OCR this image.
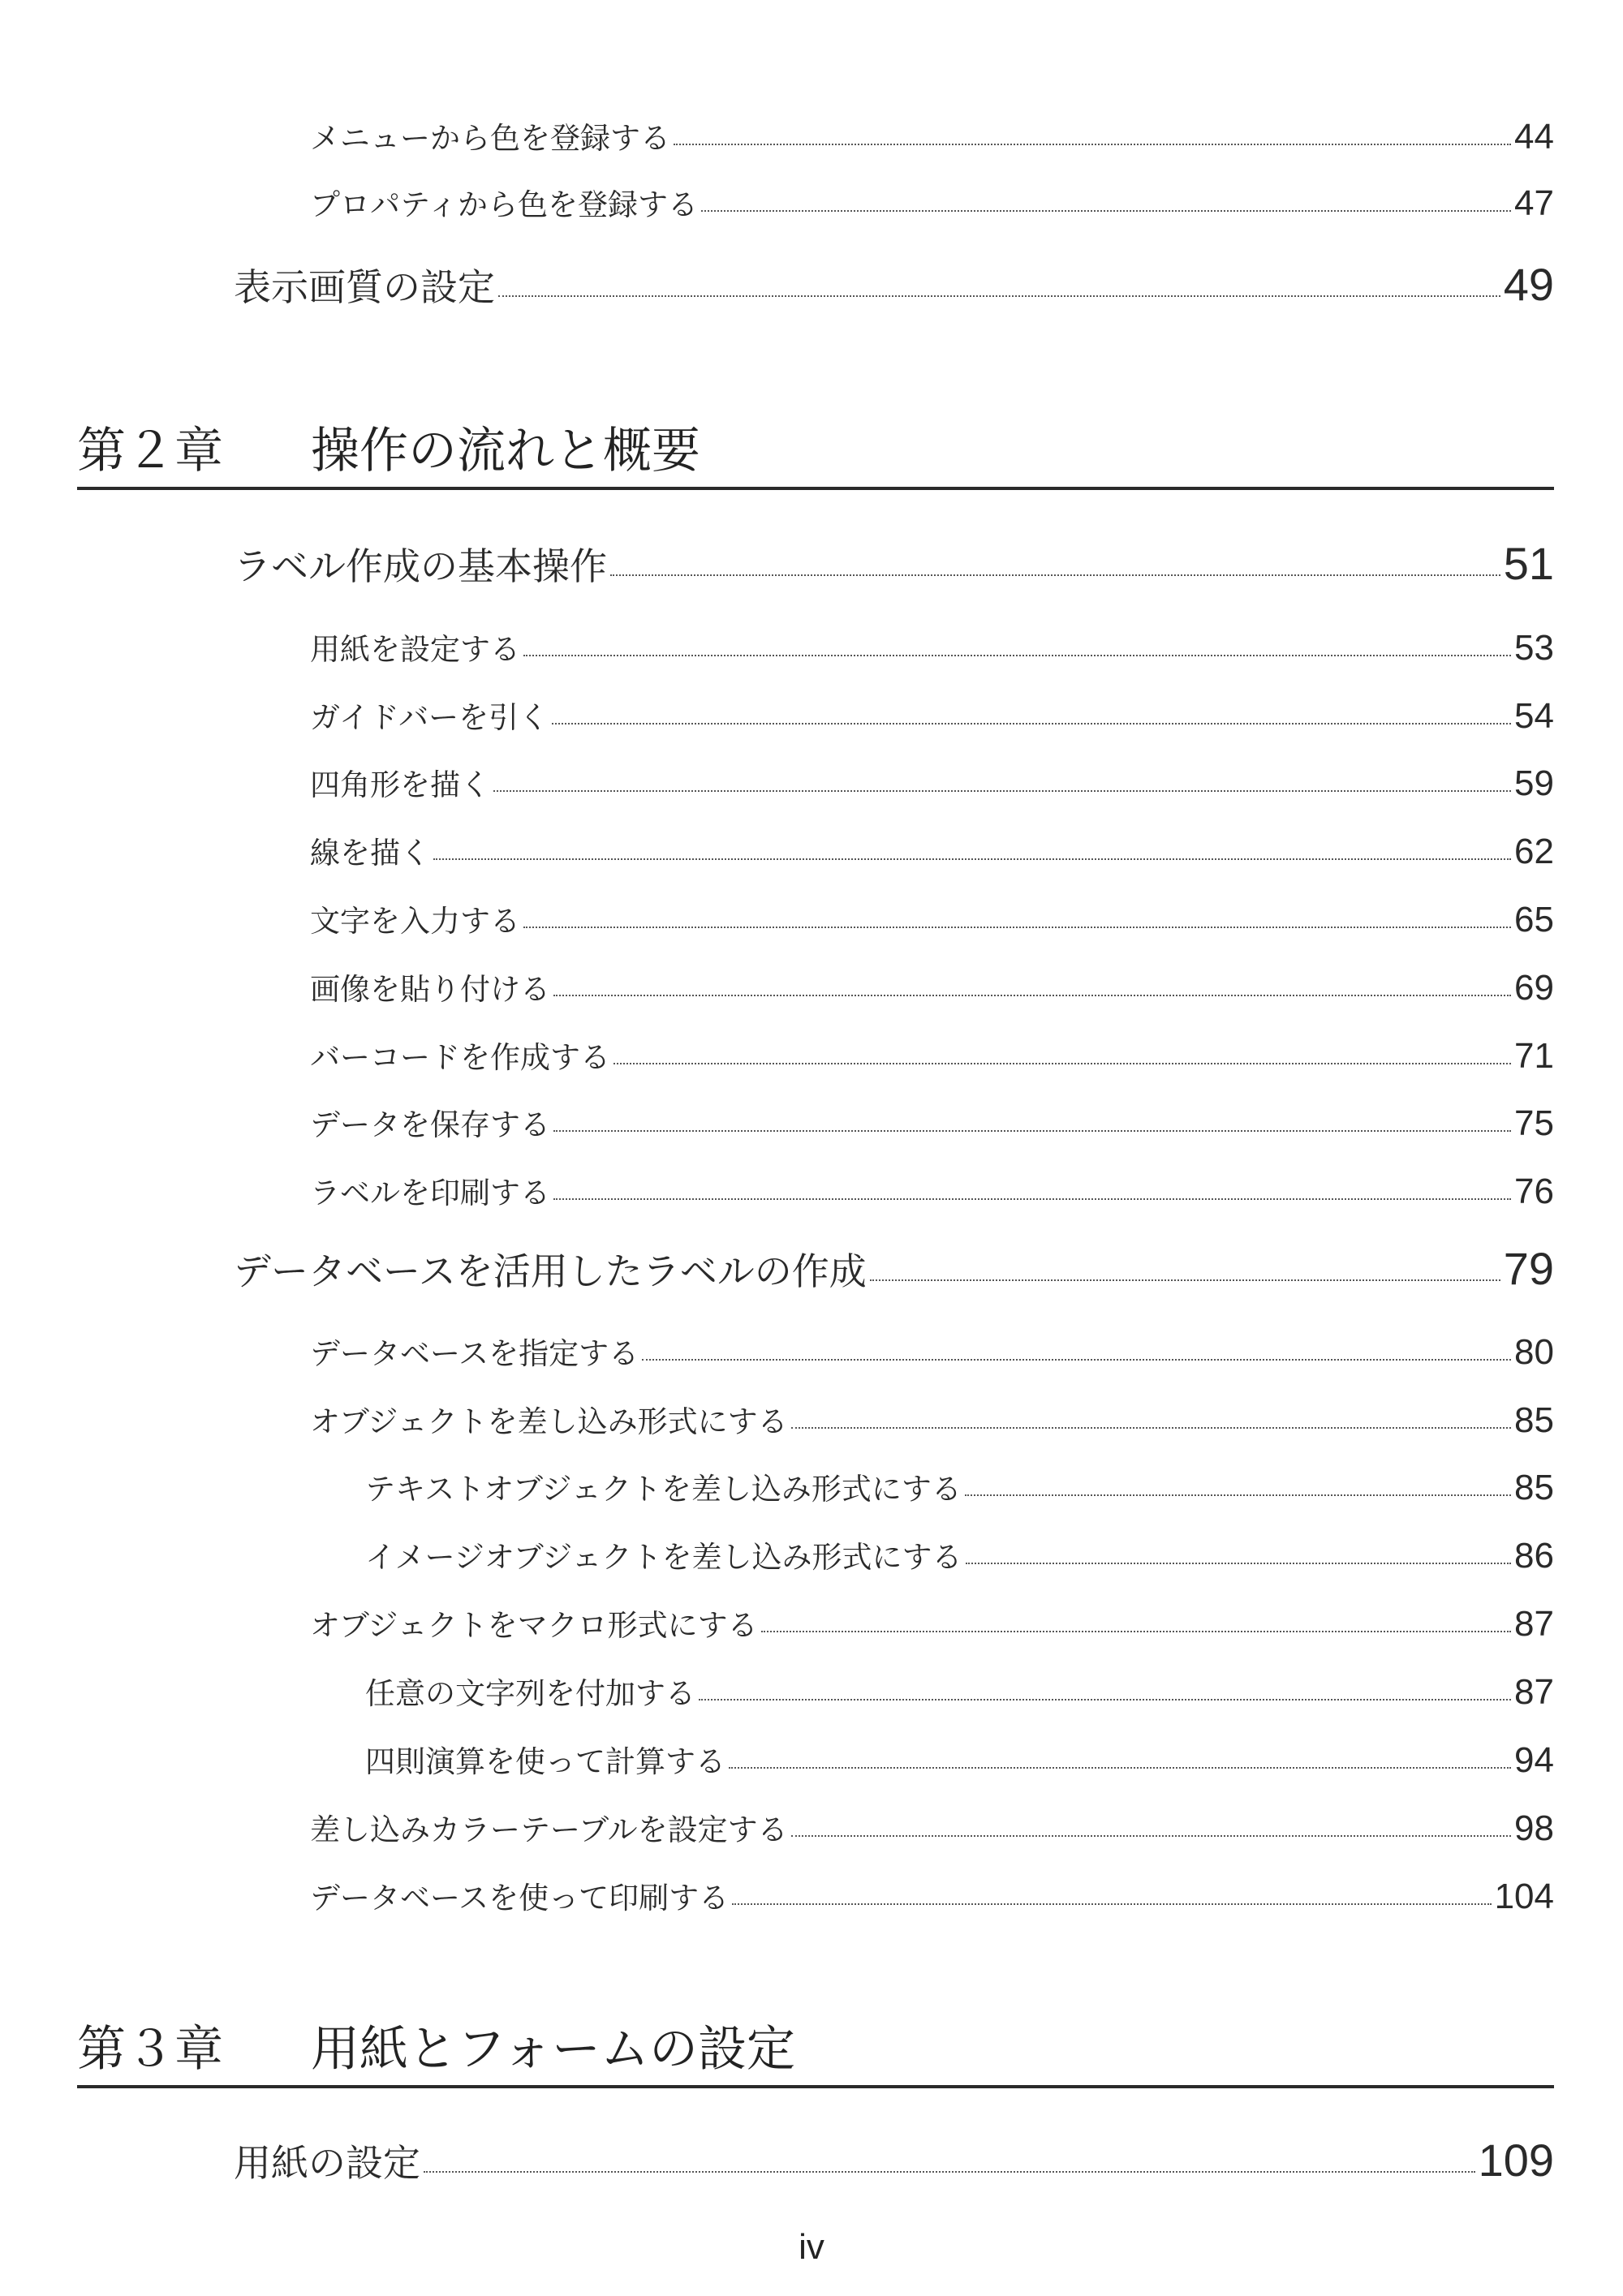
メニューから色を登録する	44
プロパティから色を登録する	47
表示画質の設定	49
第２章 操作の流れと概要
ラベル作成の基本操作	51
用紙を設定する	53
ガイドバーを引く	54
四角形を描く	59
線を描く	62
文字を入力する	65
画像を貼り付ける	69
バーコードを作成する	71
データを保存する	75
ラベルを印刷する	76
データベースを活用したラベルの作成	79
データベースを指定する	80
オブジェクトを差し込み形式にする	85
テキストオブジェクトを差し込み形式にする	85
イメージオブジェクトを差し込み形式にする	86
オブジェクトをマクロ形式にする	87
任意の文字列を付加する	87
四則演算を使って計算する	94
差し込みカラーテーブルを設定する	98
データベースを使って印刷する	104
第３章 用紙とフォームの設定
用紙の設定	109
iv
